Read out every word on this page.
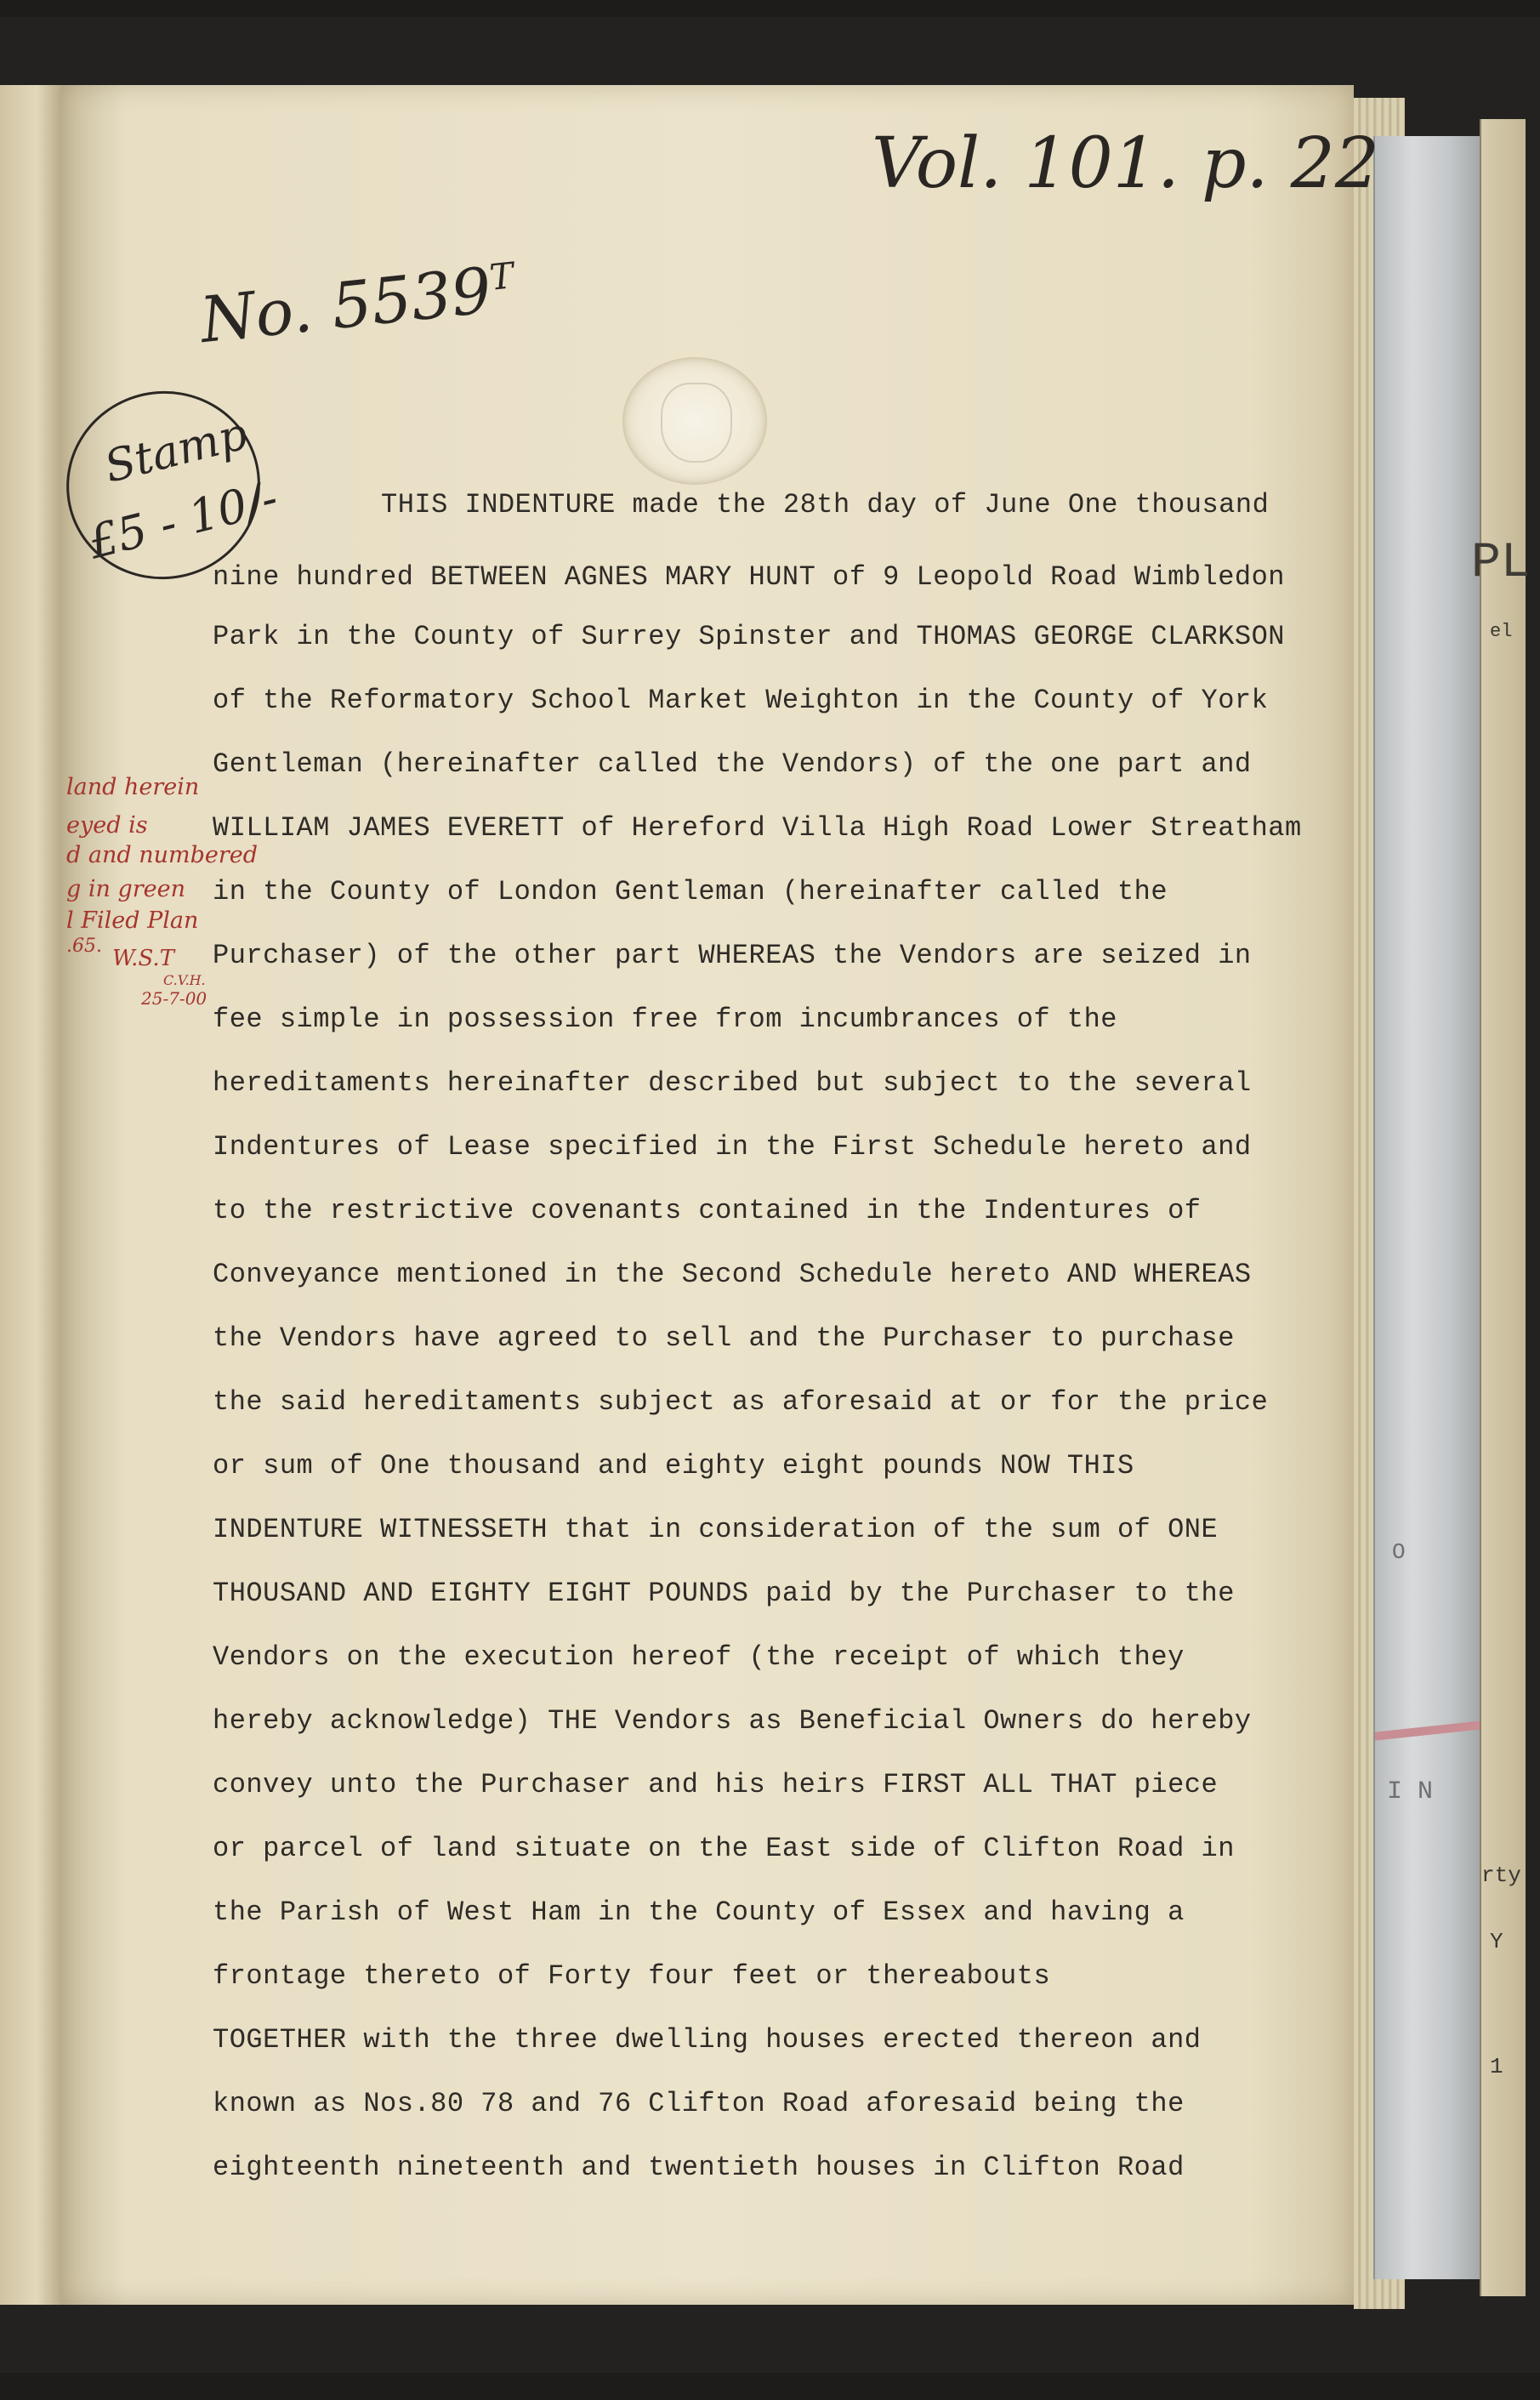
O
I N
PL
rty
Y
1
el
Vol. 101. p. 22
No. $5539^T$
Stamp
£5 - 10/-
land herein
eyed is
d and numbered
g in green
l Filed Plan
.65. W.S.T
C.V.H.
25-7-00
THIS INDENTURE made the 28th day of June One thousand
nine hundred BETWEEN AGNES MARY HUNT of 9 Leopold Road Wimbledon
Park in the County of Surrey Spinster and THOMAS GEORGE CLARKSON
of the Reformatory School Market Weighton in the County of York
Gentleman (hereinafter called the Vendors) of the one part and
WILLIAM JAMES EVERETT of Hereford Villa High Road Lower Streatham
in the County of London Gentleman (hereinafter called the
Purchaser) of the other part WHEREAS the Vendors are seized in
fee simple in possession free from incumbrances of the
hereditaments hereinafter described but subject to the several
Indentures of Lease specified in the First Schedule hereto and
to the restrictive covenants contained in the Indentures of
Conveyance mentioned in the Second Schedule hereto AND WHEREAS
the Vendors have agreed to sell and the Purchaser to purchase
the said hereditaments subject as aforesaid at or for the price
or sum of One thousand and eighty eight pounds NOW THIS
INDENTURE WITNESSETH that in consideration of the sum of ONE
THOUSAND AND EIGHTY EIGHT POUNDS paid by the Purchaser to the
Vendors on the execution hereof (the receipt of which they
hereby acknowledge) THE Vendors as Beneficial Owners do hereby
convey unto the Purchaser and his heirs FIRST ALL THAT piece
or parcel of land situate on the East side of Clifton Road in
the Parish of West Ham in the County of Essex and having a
frontage thereto of Forty four feet or thereabouts
TOGETHER with the three dwelling houses erected thereon and
known as Nos.80 78 and 76 Clifton Road aforesaid being the
eighteenth nineteenth and twentieth houses in Clifton Road
